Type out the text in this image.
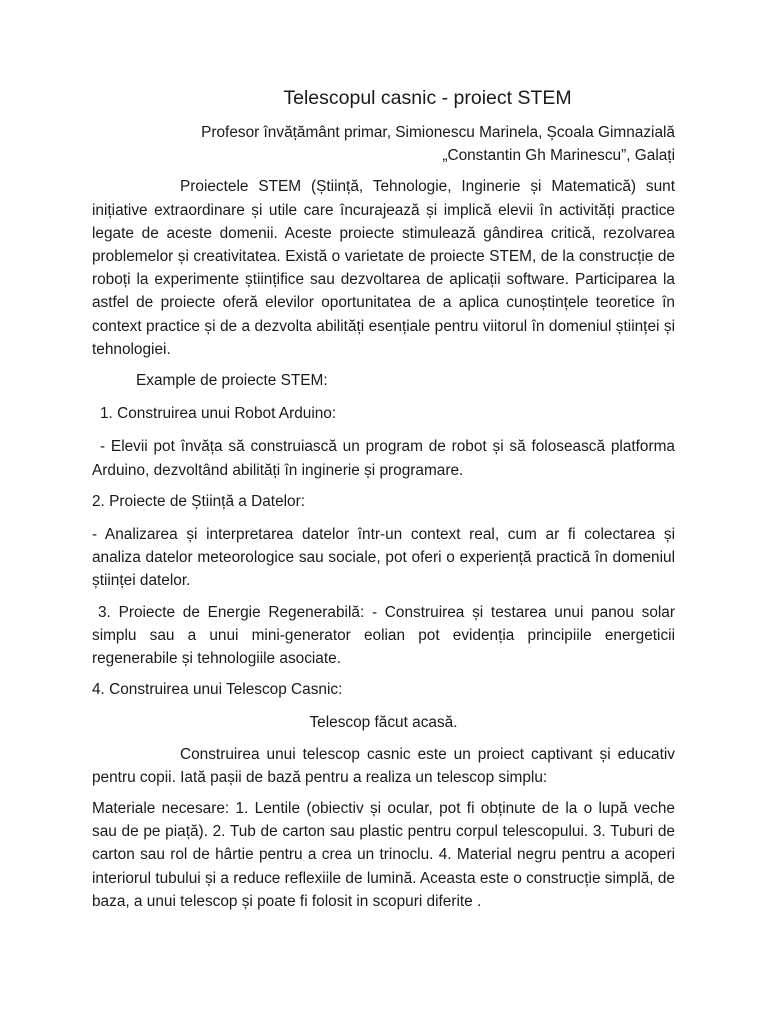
Telescopul casnic - proiect STEM
Profesor învățământ primar, Simionescu Marinela, Școala Gimnazială
„Constantin Gh Marinescu”, Galați

Proiectele STEM (Știință, Tehnologie, Inginerie și Matematică) sunt inițiative extraordinare și utile care încurajează și implică elevii în activități practice legate de aceste domenii. Aceste proiecte stimulează gândirea critică, rezolvarea problemelor și creativitatea. Există o varietate de proiecte STEM, de la construcție de roboți la experimente științifice sau dezvoltarea de aplicații software. Participarea la astfel de proiecte oferă elevilor oportunitatea de a aplica cunoștințele teoretice în context practice și de a dezvolta abilități esențiale pentru viitorul în domeniul științei și tehnologiei.

Example de proiecte STEM:

1. Construirea unui Robot Arduino:

- Elevii pot învăța să construiască un program de robot și să folosească platforma Arduino, dezvoltând abilități în inginerie și programare.

2. Proiecte de Știință a Datelor:

- Analizarea și interpretarea datelor într-un context real, cum ar fi colectarea și analiza datelor meteorologice sau sociale, pot oferi o experiență practică în domeniul științei datelor.

3. Proiecte de Energie Regenerabilă: - Construirea și testarea unui panou solar simplu sau a unui mini-generator eolian pot evidenția principiile energeticii regenerabile și tehnologiile asociate.

4. Construirea unui Telescop Casnic:

Telescop făcut acasă.

Construirea unui telescop casnic este un proiect captivant și educativ pentru copii. Iată pașii de bază pentru a realiza un telescop simplu:

Materiale necesare: 1. Lentile (obiectiv și ocular, pot fi obținute de la o lupă veche sau de pe piață). 2. Tub de carton sau plastic pentru corpul telescopului. 3. Tuburi de carton sau rol de hârtie pentru a crea un trinoclu. 4. Material negru pentru a acoperi interiorul tubului și a reduce reflexiile de lumină. Aceasta este o construcție simplă, de baza, a unui telescop și poate fi folosit in scopuri diferite .
